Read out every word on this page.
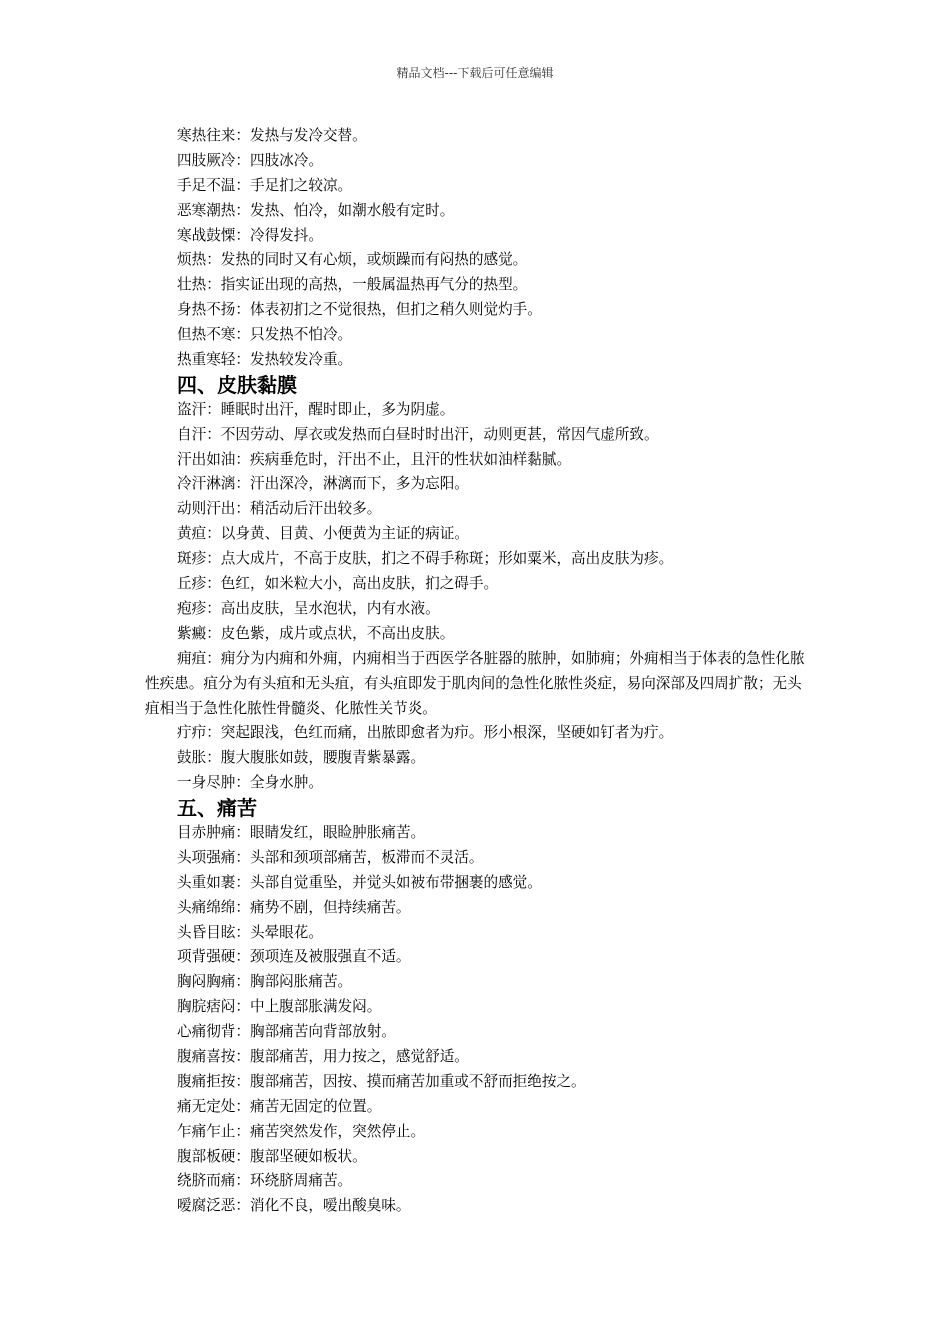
精品文档---下载后可任意编辑
寒热往来：发热与发冷交替。
四肢厥冷：四肢冰冷。
手足不温：手足扪之较凉。
恶寒潮热：发热、怕冷，如潮水般有定时。
寒战鼓慄：冷得发抖。
烦热：发热的同时又有心烦，或烦躁而有闷热的感觉。
壮热：指实证出现的高热，一般属温热再气分的热型。
身热不扬：体表初扪之不觉很热，但扪之稍久则觉灼手。
但热不寒：只发热不怕冷。
热重寒轻：发热较发冷重。
四、皮肤黏膜
盗汗：睡眠时出汗，醒时即止，多为阴虚。
自汗：不因劳动、厚衣或发热而白昼时时出汗，动则更甚，常因气虚所致。
汗出如油：疾病垂危时，汗出不止，且汗的性状如油样黏腻。
冷汗淋漓：汗出深冷，淋漓而下，多为忘阳。
动则汗出：稍活动后汗出较多。
黄疸：以身黄、目黄、小便黄为主证的病证。
斑疹：点大成片，不高于皮肤，扪之不碍手称斑；形如粟米，高出皮肤为疹。
丘疹：色红，如米粒大小，高出皮肤，扪之碍手。
疱疹：高出皮肤，呈水泡状，内有水液。
紫癜：皮色紫，成片或点状，不高出皮肤。
痈疽：痈分为内痈和外痈，内痈相当于西医学各脏器的脓肿，如肺痈；外痈相当于体表的急性化脓性疾患。疽分为有头疽和无头疽，有头疽即发于肌肉间的急性化脓性炎症，易向深部及四周扩散；无头疽相当于急性化脓性骨髓炎、化脓性关节炎。
疔疖：突起跟浅，色红而痛，出脓即愈者为疖。形小根深，坚硬如钉者为疔。
鼓胀：腹大腹胀如鼓，腰腹青紫暴露。
一身尽肿：全身水肿。
五、痛苦
目赤肿痛：眼睛发红，眼睑肿胀痛苦。
头项强痛：头部和颈项部痛苦，板滞而不灵活。
头重如裹：头部自觉重坠，并觉头如被布带捆裹的感觉。
头痛绵绵：痛势不剧，但持续痛苦。
头昏目眩：头晕眼花。
项背强硬：颈项连及被服强直不适。
胸闷胸痛：胸部闷胀痛苦。
胸脘痞闷：中上腹部胀满发闷。
心痛彻背：胸部痛苦向背部放射。
腹痛喜按：腹部痛苦，用力按之，感觉舒适。
腹痛拒按：腹部痛苦，因按、摸而痛苦加重或不舒而拒绝按之。
痛无定处：痛苦无固定的位置。
乍痛乍止：痛苦突然发作，突然停止。
腹部板硬：腹部坚硬如板状。
绕脐而痛：环绕脐周痛苦。
嗳腐泛恶：消化不良，嗳出酸臭味。
